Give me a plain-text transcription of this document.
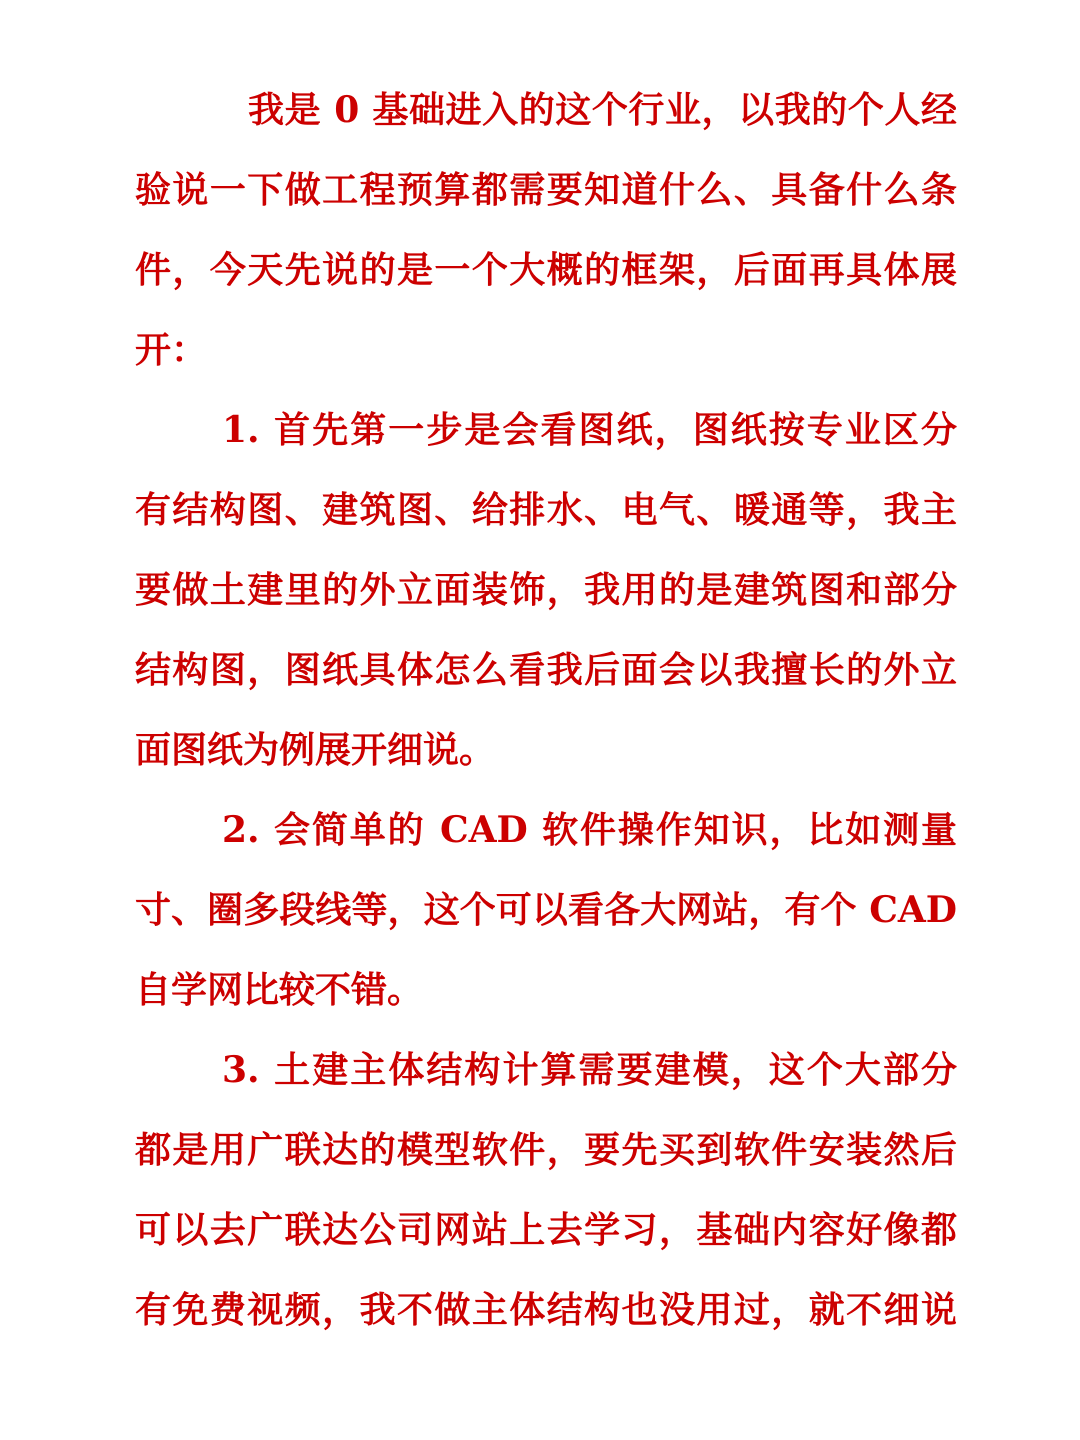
我是 0 基础进入的这个行业，以我的个人经
验说一下做工程预算都需要知道什么、具备什么条
件，今天先说的是一个大概的框架，后面再具体展
开：
1. 首先第一步是会看图纸，图纸按专业区分
有结构图、建筑图、给排水、电气、暖通等，我主
要做土建里的外立面装饰，我用的是建筑图和部分
结构图，图纸具体怎么看我后面会以我擅长的外立
面图纸为例展开细说。
2. 会简单的 CAD 软件操作知识，比如测量
寸、圈多段线等，这个可以看各大网站，有个 CAD
自学网比较不错。
3. 土建主体结构计算需要建模，这个大部分
都是用广联达的模型软件，要先买到软件安装然后
可以去广联达公司网站上去学习，基础内容好像都
有免费视频，我不做主体结构也没用过，就不细说
